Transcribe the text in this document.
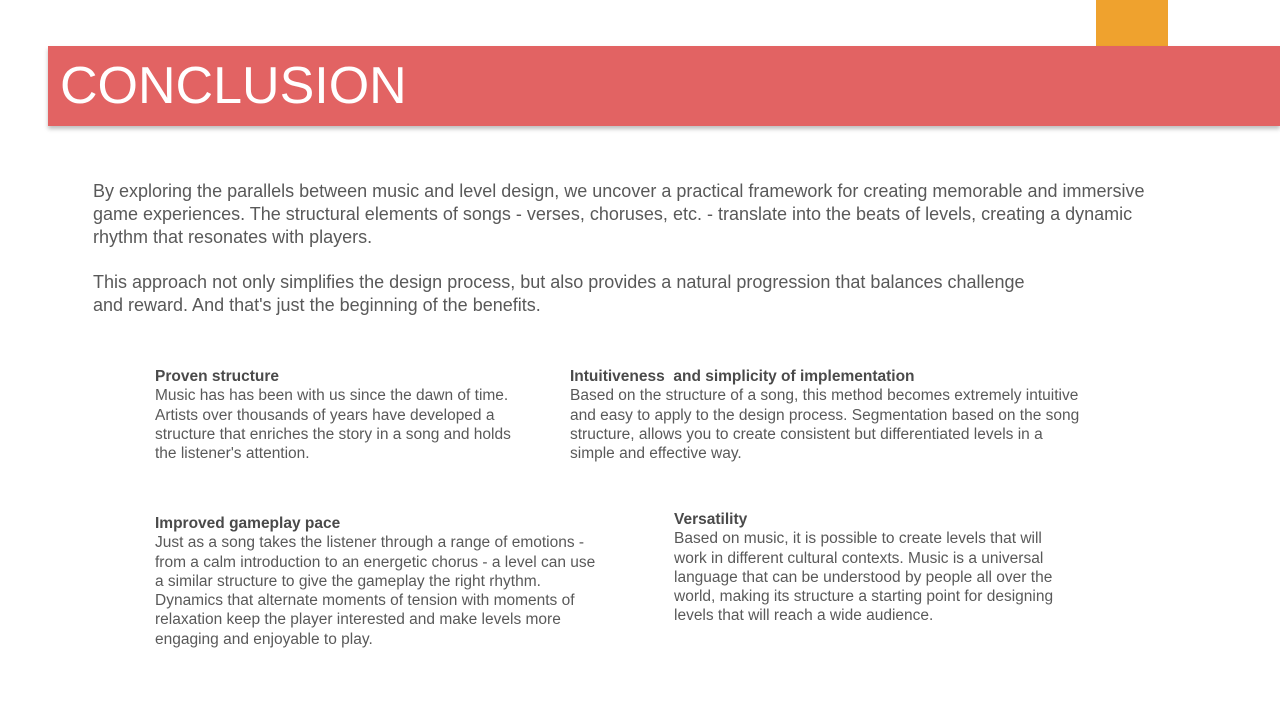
CONCLUSION

By exploring the parallels between music and level design, we uncover a practical framework for creating memorable and immersive game experiences. The structural elements of songs - verses, choruses, etc. - translate into the beats of levels, creating a dynamic rhythm that resonates with players.

This approach not only simplifies the design process, but also provides a natural progression that balances challenge and reward. And that's just the beginning of the benefits.

Proven structure

Music has has been with us since the dawn of time. Artists over thousands of years have developed a structure that enriches the story in a song and holds the listener's attention.

Intuitiveness  and simplicity of implementation

Based on the structure of a song, this method becomes extremely intuitive and easy to apply to the design process. Segmentation based on the song structure, allows you to create consistent but differentiated levels in a simple and effective way.

Improved gameplay pace

Just as a song takes the listener through a range of emotions - from a calm introduction to an energetic chorus - a level can use a similar structure to give the gameplay the right rhythm. Dynamics that alternate moments of tension with moments of relaxation keep the player interested and make levels more engaging and enjoyable to play.

Versatility

Based on music, it is possible to create levels that will work in different cultural contexts. Music is a universal language that can be understood by people all over the world, making its structure a starting point for designing levels that will reach a wide audience.
